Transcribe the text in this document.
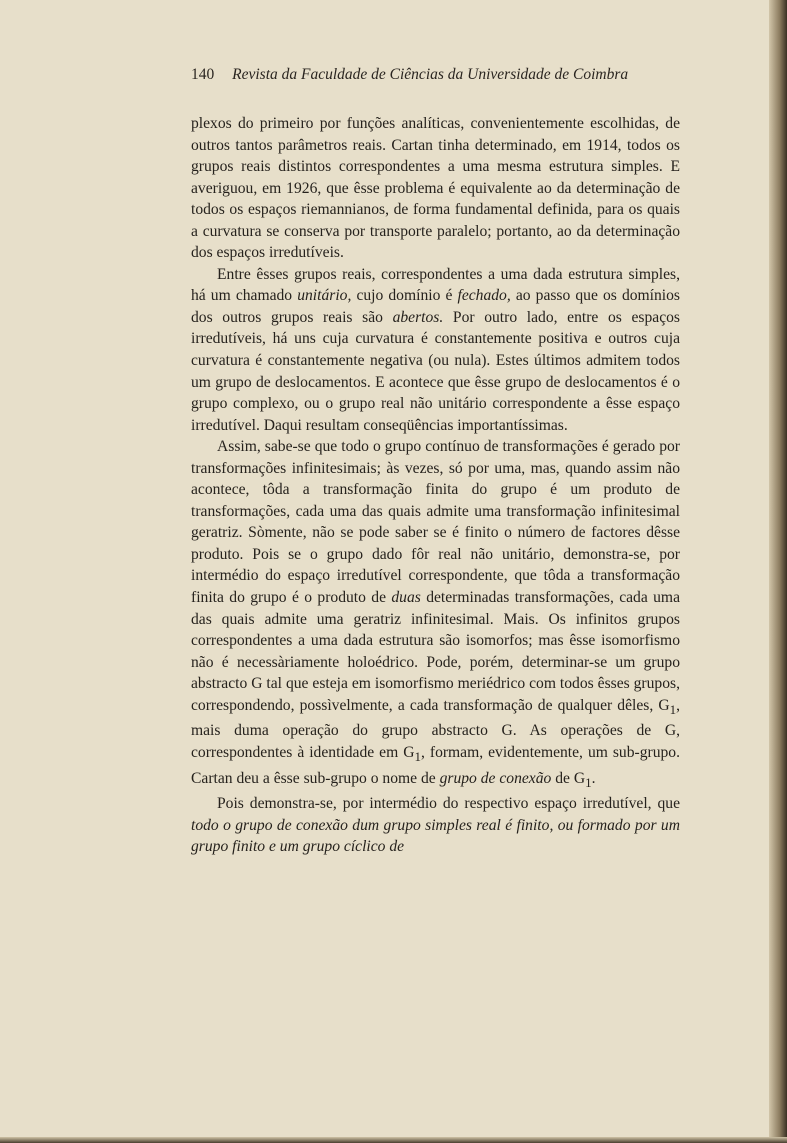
140 Revista da Faculdade de Ciências da Universidade de Coimbra

plexos do primeiro por funções analíticas, convenientemente escolhidas, de outros tantos parâmetros reais. Cartan tinha determinado, em 1914, todos os grupos reais distintos correspondentes a uma mesma estrutura simples. E averiguou, em 1926, que êsse problema é equivalente ao da determinação de todos os espaços riemannianos, de forma fundamental definida, para os quais a curvatura se conserva por transporte paralelo; portanto, ao da determinação dos espaços irredutíveis.

Entre êsses grupos reais, correspondentes a uma dada estrutura simples, há um chamado unitário, cujo domínio é fechado, ao passo que os domínios dos outros grupos reais são abertos. Por outro lado, entre os espaços irredutíveis, há uns cuja curvatura é constantemente positiva e outros cuja curvatura é constantemente negativa (ou nula). Estes últimos admitem todos um grupo de deslocamentos. E acontece que êsse grupo de deslocamentos é o grupo complexo, ou o grupo real não unitário correspondente a êsse espaço irredutível. Daqui resultam conseqüências importantíssimas.

Assim, sabe-se que todo o grupo contínuo de transformações é gerado por transformações infinitesimais; às vezes, só por uma, mas, quando assim não acontece, tôda a transformação finita do grupo é um produto de transformações, cada uma das quais admite uma transformação infinitesimal geratriz. Sòmente, não se pode saber se é finito o número de factores dêsse produto. Pois se o grupo dado fôr real não unitário, demonstra-se, por intermédio do espaço irredutível correspondente, que tôda a transformação finita do grupo é o produto de duas determinadas transformações, cada uma das quais admite uma geratriz infinitesimal. Mais. Os infinitos grupos correspondentes a uma dada estrutura são isomorfos; mas êsse isomorfismo não é necessàriamente holoédrico. Pode, porém, determinar-se um grupo abstracto G tal que esteja em isomorfismo meriédrico com todos êsses grupos, correspondendo, possìvelmente, a cada transformação de qualquer dêles, $G_1$, mais duma operação do grupo abstracto G. As operações de G, correspondentes à identidade em $G_1$, formam, evidentemente, um sub-grupo. Cartan deu a êsse sub-grupo o nome de grupo de conexão de $G_1$.

Pois demonstra-se, por intermédio do respectivo espaço irredutível, que todo o grupo de conexão dum grupo simples real é finito, ou formado por um grupo finito e um grupo cíclico de
